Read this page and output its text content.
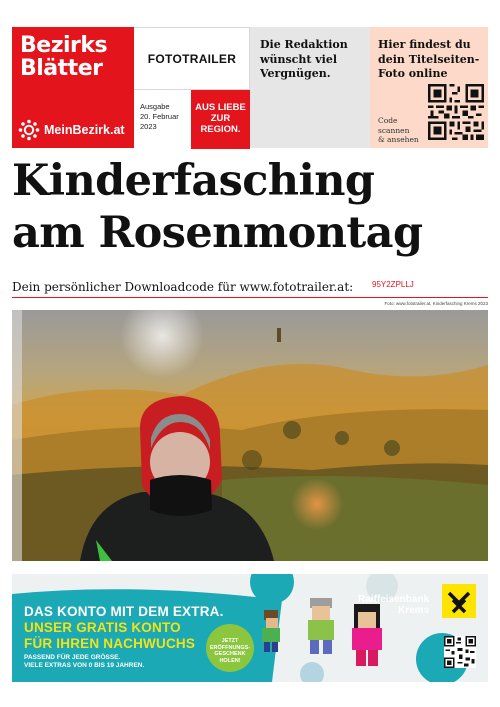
Bezirks
Blätter
MeinBezirk.at
FOTOTRAILER
Ausgabe
20. Februar
2023
AUS LIEBE
ZUR
REGION.
Die Redaktion
wünscht viel
Vergnügen.
Hier findest du
dein Titelseiten-
Foto online
Code
scannen
& ansehen
Kinderfasching
am Rosenmontag
Dein persönlicher Downloadcode für www.fototrailer.at: 95Y2ZPLLJ
Foto: www.fototrailer.at, Kinderfasching Krems 2023
DAS KONTO MIT DEM EXTRA.
UNSER GRATIS KONTO
FÜR IHREN NACHWUCHS
PASSEND FÜR JEDE GRÖSSE.
VIELE EXTRAS VON 0 BIS 19 JAHREN.
JETZT
ERÖFFNUNGS-
GESCHENK
HOLEN!
Raiffeisenbank
Krems
